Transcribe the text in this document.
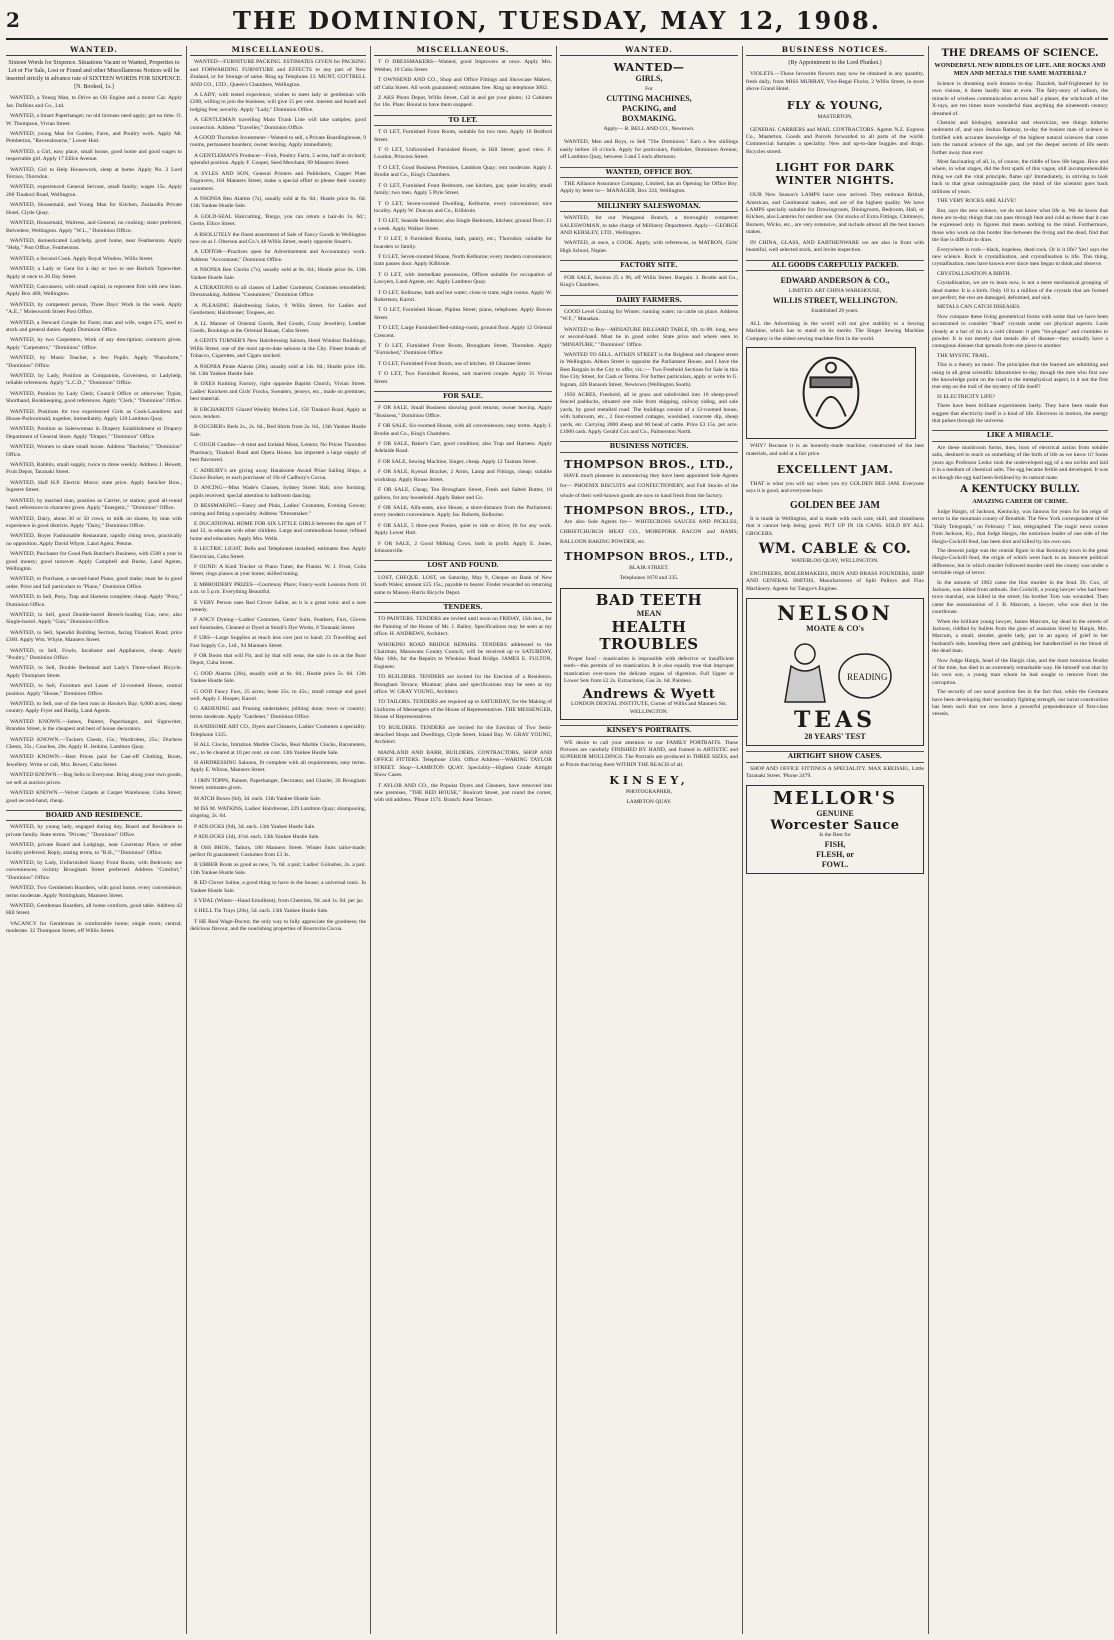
2	THE DOMINION, TUESDAY, MAY 12, 1908.
WANTED.
Sixteen Words for Sixpence. Situations Vacant or Wanted, Properties to Let or For Sale, Lost or Found and other Miscellaneous Notices will be inserted strictly in advance rate of SIXTEEN WORDS FOR SIXPENCE. [N. Booked, 1s.]
WANTED, a Young Man, to Drive an Oil Engine and a motor Car. Apply Jas. Dufkins and Co., Ltd.
WANTED, a Smart Paperhanger; no old licenses need apply; get no time. O. W. Thompson, Vivian Street.
WANTED, young Man for Garden, Farm, and Poultry work. Apply Mr. Pemberton, "Ravensbourne," Lower Hutt.
WANTED, a Girl, easy place, small house, good home and good wages to respectable girl. Apply 17 Ellice Avenue.
WANTED, Girl to Help Housework, sleep at home. Apply No. 2 Lord Terrace, Thorndon.
WANTED, experienced General Servant, small family; wages 15s. Apply 260 Tinakori Road, Wellington.
WANTED, Housemaid, and Young Man for Kitchen, Zealandia Private Hotel, Clyde Quay.
WANTED, Housemaid, Waitress, and General, no cooking; sister preferred, Belvedere, Wellington. Apply "W.L.," Dominion Office.
WANTED, domesticated Ladyhelp, good home, near Featherston. Apply "Help," Post Office, Featherston.
WANTED, a Second Cook. Apply Royal Window, Willis Street.
WANTED, a Lady or Gent for a day or two to use Barlock Typewriter. Apply at once to 20 Day Street.
WANTED, Canvassers, with small capital, to represent firm with new lines. Apply Box 468, Wellington.
WANTED, by competent person, Three Days' Work in the week. Apply "A.E.," Molesworth Street Post Office.
WANTED, a Steward Couple for Farm; man and wife, wages £75, used to stock and general duties. Apply Dominion Office.
WANTED, by two Carpenters, Work of any description; contracts given. Apply "Carpenters," "Dominion" Office.
WANTED, by Music Teacher, a few Pupils. Apply "Pianoforte," "Dominion" Office.
WANTED, by Lady, Position as Companion, Governess, or Ladyhelp, reliable references. Apply "L.C.D.," "Dominion" Office.
WANTED, Position by Lady Clerk; Council Office or otherwise; Typist, Shorthand, Bookkeeping, good references. Apply "Clerk," "Dominion" Office.
WANTED, Positions for two experienced Girls as Cook-Laundress and House-Parlourmaid, together, immediately. Apply 120 Lambton Quay.
WANTED, Position as Saleswoman in Drapery Establishment or Drapery Department of General Store. Apply "Draper," "Dominion" Office.
WANTED, Women to share small house. Address "Bachelor," "Dominion" Office.
WANTED, Rabbits, small supply, twice to three weekly. Address J. Hewett, Fruit Depot, Taranaki Street.
WANTED, Half H.P. Electric Motor; state price. Apply Ineicher Bros., Ingestre Street.
WANTED, by married man, position as Carrier, or station; good all-round hand; references to character given. Apply "Energetic," "Dominion" Office.
WANTED, Dairy, about 30 or 50 cows, to milk on shares, by man with experience in good districts. Apply "Dairy," Dominion Office.
WANTED, Buyer Fashionable Restaurant, rapidly rising town, practically no opposition. Apply David Whyte, Land Agent, Petone.
WANTED, Purchaser for Good Park Butcher's Business, with £500 a year in good money; good turnover. Apply Campbell and Burke, Land Agents, Wellington.
WANTED, to Purchase, a second-hand Piano, good make; must be in good order. Price and full particulars to "Piano," Dominion Office.
WANTED, to Sell, Pony, Trap and Harness complete; cheap. Apply "Pony," Dominion Office.
WANTED, to Sell, good Double-barrel Breech-loading Gun, new; also Single-barrel. Apply "Gun," Dominion Office.
WANTED, to Sell, Spendid Building Section, facing Tinakori Road; price £360. Apply Wm. Whyte, Manners Street.
WANTED, to Sell, Fowls, Incubator and Appliances, cheap. Apply "Poultry," Dominion Office.
WANTED, to Sell, Double Bedstead and Lady's Three-wheel Bicycle. Apply Thompson Street.
WANTED, to Sell, Furniture and Lease of 12-roomed House, central position. Apply "House," Dominion Office.
WANTED, to Sell, one of the best runs in Hawke's Bay; 6,000 acres; sheep country. Apply Fryer and Haslip, Land Agents.
WANTED KNOWN.—James, Painter, Paperhanger, and Signwriter, Brandon Street, is the cheapest and best of house decorators.
WANTED KNOWN.—Tuckers Chests, 15s.; Wardrobes, 25s.; Duchess Chests, 35s.; Couches, 20s. Apply H. Jenkins, Lambton Quay.
WANTED KNOWN.—Best Prices paid for Cast-off Clothing, Boots, Jewellery. Write or call, Mrs. Bower, Cuba Street.
WANTED KNOWN.—Bag Sells to Everyone. Bring along your own goods, we sell at auction prices.
WANTED KNOWN.—Velvet Carpets at Carpet Warehouse, Cuba Street; good second-hand, cheap.
BOARD AND RESIDENCE.
WANTED, by young lady, engaged during day, Board and Residence in private family. State terms. "Private," "Dominion" Office.
WANTED, private Board and Lodgings, near Courtenay Place, or other locality preferred. Reply, stating terms, to "B.B.," "Dominion" Office.
WANTED, by Lady, Unfurnished Sunny Front Room, with Bedroom; use conveniences; vicinity Brougham Street preferred. Address "Comfort," "Dominion" Office.
WANTED, Two Gentlemen Boarders, with good home, every convenience; terms moderate. Apply Nottingham, Manners Street.
WANTED, Gentleman Boarders, all home comforts, good table. Address 42 Hill Street.
VACANCY for Gentleman in comfortable home; single room; central; moderate. 32 Thompson Street, off Willis Street.
MISCELLANEOUS.
WANTED—FURNITURE PACKING. ESTIMATES GIVEN for PACKING and FORWARDING FURNITURE and EFFECTS to any part of New Zealand, or for Storage of same. Ring up Telephone 23. MUNT, COTTRELL AND CO., LTD., Queen's Chambers, Wellington.
A LADY, with tested experience, wishes to meet lady or gentleman with £200, willing to join the business; will give 15 per cent. interest and board and lodging free; security. Apply "Lady," Dominion Office.
A GENTLEMAN travelling Main Trunk Line will take samples; good connection. Address "Traveller," Dominion Office.
A GOOD Thorndon Investment—Wanted to sell, a Private Boardinghouse, 9 rooms, permanent boarders; owner leaving. Apply immediately.
A GENTLEMAN'S Producer—Fruit, Poultry Farm, 5 acres, half in orchard; splendid position. Apply F. Cooper, Seed Merchant, 99 Manners Street.
A SYLES AND SON, General Printers and Publishers, Copper Plate Engravers, 164 Manners Street, make a special effort to please their country customers.
A NSONIA Ben Alarms (7s), usually sold at 8s. 6d.; Hustle price 6s. 6d. 13th Yankee Hustle Sale.
A GOLD-SEAL Haircutting, 'Burgo, you can return a hair-do 1s. 6d.'; Gertie, Ellice Street.
A BSOLUTELY the finest assortment of Sale of Fancy Goods in Wellington now on at J. Oberson and Co.'s 48 Willis Street, nearly opposite Stuart's.
A UDITOR—Practices open for Advertisement and Accountancy work. Address "Accountant," Dominion Office.
A NSONIA Ben Clocks (7s), usually sold at 8s. 6d.; Hustle price 6s. 13th Yankee Hustle Sale.
A LTERATIONS to all classes of Ladies' Garments; Costumes remodelled; Dressmaking. Address "Costumiere," Dominion Office.
A PLEASING Hairdressing Salon, 9 Willis Street, for Ladies and Gentlemen; Hairdresser; Toupees, etc.
A LL Manner of Oriental Goods, Red Goods, Crazy Jewellery, Leather Goods, Bookings at the Oriental Bazaar, Cuba Street.
A GENTS TURNER'S New Hairdressing Saloon, Hotel Windsor Buildings, Willis Street, one of the most up-to-date saloons in the City. Finest brands of Tobacco, Cigarettes, and Cigars stocked.
A NSONIA Pirate Alarms (20s), usually sold at 14s. 6d.; Hustle price 10s. 6d. 13th Yankee Hustle Sale.
B OXES Knitting Factory, right opposite Baptist Church, Vivian Street. Ladies' Knickers and Girls' Frocks, Sweaters, jerseys, etc., made on premises; best material.
B URCHARDTS' Glazed Weekly Moltes Lid, 156 Tinakori Road, Apply at once, tenders.
B OUCHER's Beds 2s., 2s. 6d., Bed Shirts from 2s. 6d., 13th Yankee Hustle Sale.
C OUGH Candies—A treat and Iceland Moss, Lemon; No Prices Thorndon Pharmacy, Tinakori Road and Opera House, has imported a large supply of best flavoured.
C ADBURY's are giving away Handsome Award Prize Sailing Ships, a Choice Bucket, to each purchaser of 1lb of Cadbury's Cocoa.
D ANCING—Miss Wade's Classes, Sydney Street Hall, now forming; pupils received; special attention to ballroom dancing.
D RESSMAKING—Fancy and Plain, Ladies' Costumes, Evening Gowns; cutting and fitting a speciality. Address "Dressmaker."
E DUCATIONAL HOME FOR SIX LITTLE GIRLS between the ages of 7 and 12, to educate with other children. Large and commodious house; refined home and education. Apply Mrs. Wells.
E LECTRIC LIGHT, Bells and Telephones installed; estimates free. Apply Electrician, Cuba Street.
F OUND: A Kind Tracker or Piano Tuner, the Pianist. W. J. Frost, Cuba Street, rings pianos at your home; skilled tuning.
E MBROIDERY PRIZES—Courtenay Place; Fancy-work Lessons from 10 a.m. to 5 p.m. Everything Beautiful.
E VERY Person uses Red Clover Saline, as it is a great tonic and a sure remedy.
F ANCY Dyeing—Ladies' Costumes, Gents' Suits, Feathers, Furs, Gloves and Sunshades, Cleaned or Dyed at Small's Dye Works, 8 Taranaki Street.
F URS—Large Supplies at much less cost just to hand; 23 Travelling and Fast Supply Co., Ltd., 94 Manners Street.
F OR Boots that will Fit, and by that will wear, the sale is on at the Boot Depot, Cuba Street.
G OOD Alarms (20s), usually sold at 6s. 6d.; Hustle price 5s. 6d. 13th Yankee Hustle Sale.
G OOD Fancy Furs, 25 acres; lease 25s. to 45s.; small cottage and good well. Apply J. Hooper, Karori.
G ARDENING and Pruning undertaken; jobbing done; town or country; terms moderate. Apply "Gardener," Dominion Office.
H ANDSOME ART CO., Dyers and Cleaners, Ladies' Costumes a speciality. Telephone 1325.
H ALL Clocks, Imitation Marble Clocks, Real Marble Clocks, Barometers, etc., to be cleared at 10 per cent. on cost. 13th Yankee Hustle Sale.
H AIRDRESSING Saloons, fit complete with all requirements; easy terms. Apply E. Wilson, Manners Street.
J OHN TOPPS, Painter, Paperhanger, Decorator, and Glazier, 26 Brougham Street; estimates given.
M ATCH Boxes (6d), 3d. each. 13th Yankee Hustle Sale.
M ISS M. WATKINS, Ladies' Hairdresser, 229 Lambton Quay; shampooing, singeing, 2s. 6d.
P ADLOCKS (9d), 3d. each. 13th Yankee Hustle Sale.
P ADLOCKS (3d), 4½d. each. 13th Yankee Hustle Sale.
R OSS BROS., Tailors, 180 Manners Street. Winter Suits tailor-made; perfect fit guaranteed; Costumes from £3 3s.
R UBBER Boots as good as new, 7s. 6d. a pair; Ladies' Goloshes, 2s. a pair. 13th Yankee Hustle Sale.
R ED Clover Saline, a good thing to have in the house; a universal tonic. In Yankee Hustle Sale.
S YDAL (Winter—Hand Emollient), from Chemists, 9d. and 1s. 6d. per jar.
S HELL Tin Trays (20s), 5d. each. 13th Yankee Hustle Sale.
T HE Real Wage-Doctor, the only way to fully appreciate the goodness; the delicious flavour, and the nourishing properties of Bournvita Cocoa.
MISCELLANEOUS.
T O DRESSMAKERS—Wanted, good Improvers at once. Apply Mrs. Webber, 10 Cuba Street.
T OWNSEND AND CO., Shop and Office Fittings and Showcase Makers, off Cuba Street. All work guaranteed; estimates free. Ring up telephone 3062.
Z AKS Photo Depot, Willis Street, Call in and get your photo; 12 Cabinets for 10s. Plate; Bound to have them snapped.
TO LET.
T O LET, Furnished Front Room, suitable for two men. Apply 10 Bedford Street.
T O LET, Unfurnished Furnished Room, in Hill Street; good view. F. Loudon, Princess Street.
T O LET, Good Business Premises, Lambton Quay; rent moderate. Apply J. Brodie and Co., King's Chambers.
T O LET, Furnished Front Bedroom, use kitchen, gas; quiet locality, small family; two men. Apply 5 Pirie Street.
T O LET, Seven-roomed Dwelling, Kelburne, every convenience; nice locality. Apply W. Duncan and Co., Kilbirnie.
T O LET, Seaside Residence; also Single Bedroom, kitchen; ground floor; £1 a week. Apply Walker Street.
T O LET, 6 Furnished Rooms, bath, pantry, etc.; Thorndon; suitable for boarders or family.
T O LET, Seven-roomed House, North Kelburne; every modern convenience; tram passes door. Apply Kilbirnie.
T O LET, with immediate possession, Offices suitable for occupation of Lawyers, Land Agents, etc. Apply Lambton Quay.
T O LET, Kelburne, bath and hot water; close to tram; eight rooms. Apply W. Robertson, Karori.
T O LET, Furnished House, Pipitea Street; piano, telephone. Apply Bowen Street.
T O LET, Large Furnished Bed-sitting-room, ground floor. Apply 12 Oriental Crescent.
T O LET, Furnished Front Room, Brougham Street, Thorndon. Apply "Furnished," Dominion Office.
T O LET, Furnished Front Room, use of kitchen. 10 Ghuznee Street.
T O LET, Two Furnished Rooms, suit married couple. Apply 31 Vivian Street.
FOR SALE.
F OR SALE, Small Business showing good returns; owner leaving. Apply "Business," Dominion Office.
F OR SALE, Six-roomed House, with all conveniences; easy terms. Apply J. Brodie and Co., King's Chambers.
F OR SALE, Baker's Cart, good condition; also Trap and Harness. Apply Adelaide Road.
F OR SALE, Sewing Machine, Singer, cheap. Apply 12 Tasman Street.
F OR SALE, Kyenal Bracket, 2 Arms, Lamp and Fittings, cheap; suitable workshop. Apply Rouse Street.
F OR SALE, Cheap, Ten Brougham Street, Fresh and Salted Butter, 10 gallons, for any household. Apply Baker and Co.
F OR SALE, Alfa-seats, nice House, a short-distance from the Parliament; every modern convenience. Apply Jas. Roberts, Kelburne.
F OR SALE, 5 three-year Ponies, quiet to ride or drive; fit for any work. Apply Lower Hutt.
F OR SALE, 2 Good Milking Cows, both in profit. Apply E. Jones, Johnsonville.
LOST AND FOUND.
LOST, CHEQUE. LOST, on Saturday, May 9, Cheque on Bank of New South Wales; amount £25 15s.; payable to bearer. Finder rewarded on returning same to Massey-Harris Bicycle Depot.
TENDERS.
TO PAINTERS. TENDERS are invited until noon on FRIDAY, 15th inst., for the Painting of the House of Mr. J. Bailey. Specifications may be seen at my office. H. ANDREWS, Architect.
WHOKINO ROAD BRIDGE REPAIRS. TENDERS addressed to the Chairman, Manawatu County Council, will be received up to SATURDAY, May 16th, for the Repairs to Whokino Road Bridge. JAMES E. FULTON, Engineer.
TO BUILDERS. TENDERS are invited for the Erection of a Residence, Brougham Terrace, Miramar; plans and specifications may be seen at my office. W. GRAY YOUNG, Architect.
TO TAILORS. TENDERS are required up to SATURDAY, for the Making of Uniforms of Messengers of the House of Representatives. THE MESSENGER, House of Representatives.
TO BUILDERS. TENDERS are invited for the Erection of Two Semi-detached Shops and Dwellings, Clyde Street, Island Bay. W. GRAY YOUNG, Architect.
MAINLAND AND BARR, BUILDERS, CONTRACTORS, SHOP AND OFFICE FITTERS. Telephone 1584. Office Address—WARING TAYLOR STREET. Shop—LAMBTON QUAY. Speciality—Highest Grade Airtight Show Cases.
T AYLOR AND CO., the Popular Dyers and Cleaners, have removed into new premises, "THE RED HOUSE," Boulcott Street, just round the corner, with old address. 'Phone 1174. Branch: Kent Terrace.
WANTED.
WANTED—
GIRLS,
For
CUTTING MACHINES,
PACKING, and
BOXMAKING.
Apply— R. BELL AND CO., Newtown.
WANTED, Men and Boys, to Sell "The Dominion." Earn a few shillings easily before 10 o'clock. Apply for particulars, Publisher, Dominion Avenue, off Lambton Quay, between 3 and 5 each afternoon.
WANTED, OFFICE BOY.
THE Alliance Assurance Company, Limited, has an Opening for Office Boy. Apply by letter to— MANAGER, Box 324, Wellington.
MILLINERY SALESWOMAN.
WANTED, for our Wanganui Branch, a thoroughly competent SALESWOMAN, to take charge of Millinery Department. Apply— GEORGE AND KERSLEY, LTD., Wellington.
WANTED, at once, a COOK. Apply, with references, to MATRON, Girls' High School, Napier.
FACTORY SITE.
FOR SALE, Section 25 x 96, off Willis Street. Bargain. J. Brodie and Co., King's Chambers.
DAIRY FARMERS.
GOOD Level Grazing for Winter; running water; no cattle on place. Address "W.F.," Manakau.
WANTED to Buy—MINIATURE BILLIARD TABLE, 6ft. to 8ft. long, new or second-hand. Must be in good order. State price and where seen to "MINIATURE," "Dominion" Office.
WANTED TO SELL. AITKEN STREET is the Brightest and cheapest street in Wellington. Aitken Street is opposite the Parliament House, and I have the Best Bargain in the City to offer, viz.:— Two Freehold Sections for Sale in this fine City Street, for Cash or Terms. For further particulars, apply or write to G. Ingram, 426 Ransom Street, Newtown (Wellington South).
1950 ACRES, Freehold, all in grass and subdivided into 10 sheep-proof fenced paddocks, situated one mile from shipping, railway siding, and sale yards, by good metalled road. The buildings consist of a 12-roomed house, with bathroom, etc., 2 four-roomed cottages, woolshed, concrete dip, sheep yards, etc. Carrying 2000 sheep and 60 head of cattle. Price £3 15s. per acre. £1000 cash. Apply Gerald Cox and Co., Palmerston North.
BUSINESS NOTICES.
THOMPSON BROS., LTD.,
HAVE much pleasure in announcing they have been appointed Sole Agents for— PHOENIX BISCUITS and CONFECTIONERY, and Full Stocks of the whole of their well-known goods are now to hand fresh from the factory.
THOMPSON BROS., LTD.,
Are also Sole Agents for— WHITECROSS SAUCES AND PICKLES, CHRISTCHURCH MEAT CO., MOREPORK BACON and HAMS, BALLOON BAKING POWDER, etc.
THOMPSON BROS., LTD.,
BLAIR STREET.
Telephones 1670 and 335.
BAD TEETH
MEAN
HEALTH
TROUBLES
Proper food - mastication is impossible with defective or insufficient teeth—this permits of no mastication. It is also equally true that improper mastication over-taxes the delicate organs of digestion. Full Upper or Lower Sets from £2 2s. Extractions, Gas 2s. 6d. Painless.
Andrews & Wyett
LONDON DENTAL INSTITUTE, Corner of Willis and Manners Sts. WELLINGTON.
KINSEY'S PORTRAITS.
WE desire to call your attention to our FAMILY PORTRAITS. These Pictures are carefully FINISHED BY HAND, and framed in ARTISTIC and SUPERIOR MOULDINGS. The Portraits are produced in THREE SIZES, and at Prices that bring them WITHIN THE REACH of all.
KINSEY,
PHOTOGRAPHER,
LAMBTON QUAY.
BUSINESS NOTICES.
(By Appointment to the Lord Plunket.)
VIOLETS.—Those favourite flowers may now be obtained in any quantity, fresh daily, from MISS MURRAY, Vice-Regal Florist, 2 Willis Street, in store above Grand Hotel.
FLY & YOUNG,
MASTERTON.
GENERAL CARRIERS and MAIL CONTRACTORS. Agents N.Z. Express Co., Masterton. Goods and Parcels forwarded to all parts of the world. Commercial Samples a speciality. New and up-to-date buggies and drags. Bicycles stored.
LIGHT FOR DARK
WINTER NIGHTS.
OUR New Season's LAMPS have now arrived. They embrace British, American, and Continental makes, and are of the highest quality. We have LAMPS specially suitable for Drawingroom, Diningroom, Bedroom, Hall, or Kitchen, also Lanterns for outdoor use. Our stocks of Extra Fittings, Chimneys, Burners, Wicks, etc., are very extensive, and include almost all the best known makes.
IN CHINA, GLASS, AND EARTHENWARE we are also in front with beautiful, well selected stock, and invite inspection.
ALL GOODS CAREFULLY PACKED.
EDWARD ANDERSON & CO.,
LIMITED. ART CHINA WAREHOUSE,
WILLIS STREET, WELLINGTON.
Established 29 years.
ALL the Advertising in the world will not give stability to a Sewing Machine, which has to stand on its merits. The Singer Sewing Machine Company is the oldest sewing machine firm in the world.
WHY? Because it is an honestly-made machine, constructed of the best materials, and sold at a fair price.
EXCELLENT JAM.
THAT is what you will say when you try GOLDEN BEE JAM. Everyone says it is good, and everyone buys
GOLDEN BEE JAM
It is made in Wellington, and is made with such care, skill, and cleanliness that it cannot help being good. PUT UP IN 1lb CANS. SOLD BY ALL GROCERS.
WM. CABLE & CO.
WATERLOO QUAY, WELLINGTON.
ENGINEERS, BOILERMAKERS, IRON AND BRASS FOUNDERS, SHIP AND GENERAL SMITHS, Manufacturers of Split Pulleys and Flax Machinery. Agents for Tangye's Engines.
NELSON
MOATE & CO's
READING
TEAS
28 YEARS' TEST
AIRTIGHT SHOW CASES.
SHOP AND OFFICE FITTINGS A SPECIALITY. MAX KREISSIG, Little Taranaki Street. 'Phone 2479.
MELLOR'S
GENUINE
Worcester Sauce
Is the Best for
FISH,
FLESH, or
FOWL.
THE DREAMS OF SCIENCE.
WONDERFUL NEW RIDDLES OF LIFE. ARE ROCKS AND MEN AND METALS THE SAME MATERIAL?
Science is dreaming such dreams to-day. Dazzled, half-frightened by its own visions, it dares hardly hint at even. The fairy-story of radium, the miracle of wireless communication across half a planet, the witchcraft of the X-rays, are ten times more wonderful than anything the nineteenth century dreamed of.
Chemist and biologist, naturalist and electrician, see things hitherto undreamt of, and says Joshua Ramsay, to-day the busiest man of science is fortified with accurate knowledge of the highest natural sciences that come into the natural science of the age, and yet the deeper secrets of life seem further away than ever.
Most fascinating of all, is, of course, the riddle of how life began. How and where, in what stages, did the first spark of this vague, still incomprehensible thing we call the vital principle, flame up? Immediately, in striving to look back to that great unimaginable past, the mind of the scientist goes back millions of years.
THE VERY ROCKS ARE ALIVE!
But, says the new science, we do not know what life is. We do know that there are to-day things that can pass through heat and cold as those that it can be expressed only in figures that mean nothing to the mind. Furthermore, those who work on this border line between the living and the dead, find that the line is difficult to draw.
Everywhere is rock—black, hopeless, dead rock. Or is it life? Yes! says the new science. Rock is crystallisation, and crystallisation is life. This thing, crystallisation, men have known ever since men began to think and observe.
CRYSTALLISATION A BIRTH.
Crystallisation, we are to learn now, is not a mere mechanical grouping of dead matter. It is a birth. Only 18 in a million of the crystals that are formed are perfect; the rest are damaged, deformed, and sick.
METALS CAN CATCH DISEASES.
Now compare these living geometrical forms with some that we have been accustomed to consider "dead" crystals under our physical aspects. Look closely at a bar of tin in a cold climate: it gets "tin-plague" and crumbles to powder. It is not merely that metals die of disease—they actually have a contagious disease that spreads from one piece to another.
THE MYSTIC TRAIL.
This is a theory no more. The principles that the learned are admitting and using in all great scientific laboratories to-day, though the men who first saw the knowledge point on the road to the metaphysical aspect, is it not the first true step on the trail of the mystery of life itself?
IS ELECTRICITY LIFE?
There have been brilliant experiments lately. They have been made that suggest that electricity itself is a kind of life. Electrons in motion, the energy that pulses through the universe.
LIKE A MIRACLE.
Are these mushroom forms, then, born of electrical action from soluble salts, destined to teach us something of the birth of life as we know it? Some years ago Professor Leduc took the undeveloped egg of a sea urchin and laid it in a medium of chemical salts. The egg became fertile and developed. It was as though the egg had been fertilised by its natural mate.
A KENTUCKY BULLY.
AMAZING CAREER OF CRIME.
Judge Hargis, of Jackson, Kentucky, was famous for years for his reign of terror in the mountain county of Breathitt. The New York correspondent of the "Daily Telegraph," on February 7 last, telegraphed: The tragic news comes from Jackson, Ky., that Judge Hargis, the notorious leader of one side of the Hargis-Cockrill feud, has been shot and killed by his own son.
The descent judge was the central figure in that Kentucky town in the great Hargis-Cockrill feud, the origin of which went back to an innocent political difference, but in which murder followed murder until the county was under a veritable reign of terror.
In the autumn of 1902 came the first murder in the feud. Dr. Cox, of Jackson, was killed from ambush. Jim Cockrill, a young lawyer who had been town marshal, was killed in the street; his brother Tom was wounded. Then came the assassination of J. B. Marcum, a lawyer, who was shot in the courthouse.
When the brilliant young lawyer, James Marcum, lay dead in the streets of Jackson, riddled by bullets from the guns of assassins hired by Hargis, Mrs. Marcum, a small, slender, gentle lady, put in an agony of grief to her husband's side, kneeling there and grabbing her handkerchief in the blood of the dead man.
Now Judge Hargis, head of the Hargis clan, and the most notorious feudist of the time, has died in an extremely remarkable way. He himself was shot by his own son, a young man whom he had sought to remove from the corruption.
The security of our naval position lies in the fact that, while the Germans have been developing their secondary fighting strength, our naval construction has been such that we now have a powerful preponderance of first-class vessels.
